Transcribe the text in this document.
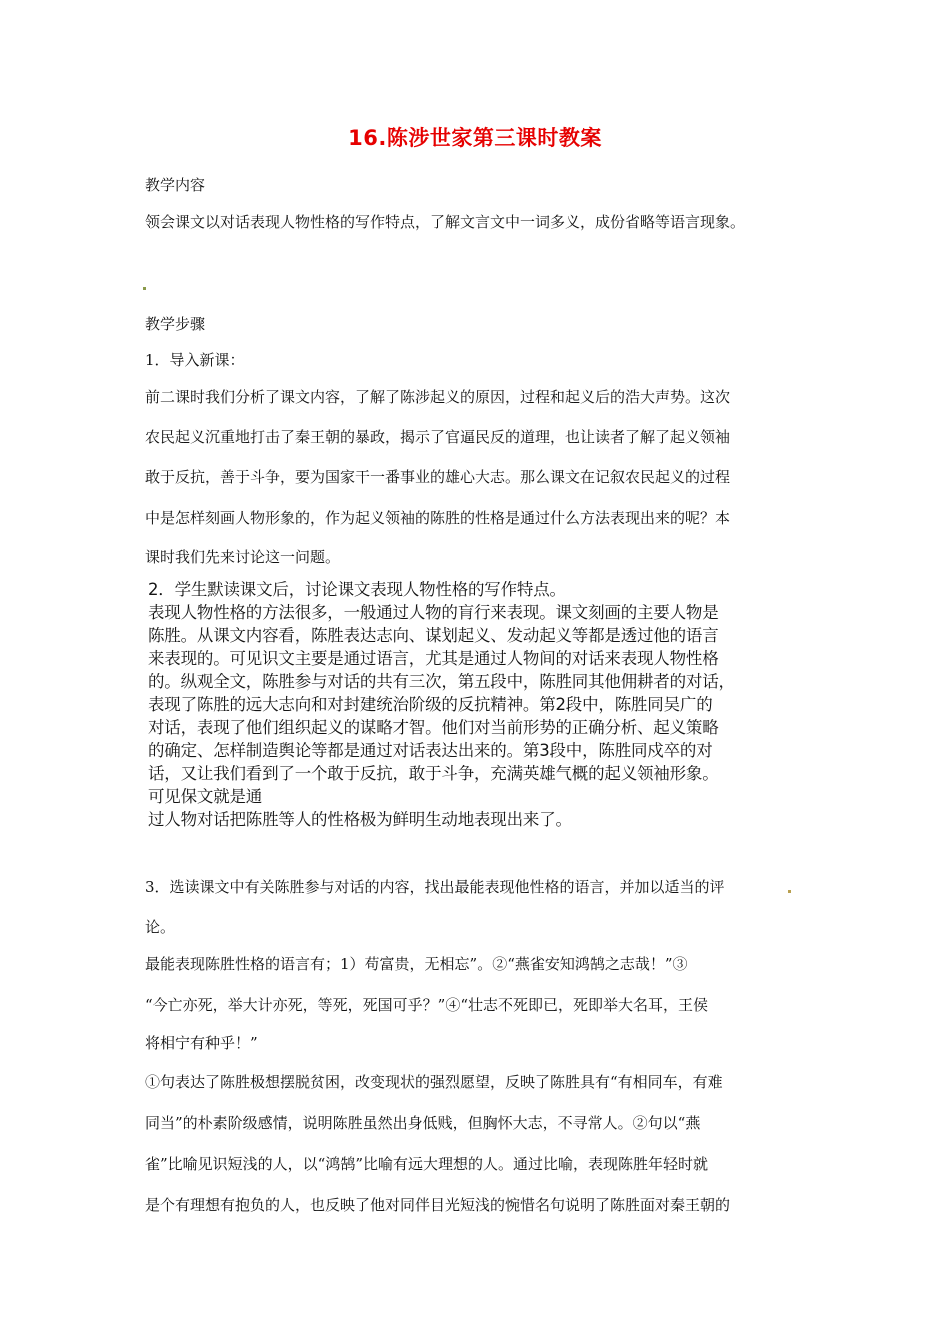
16.陈涉世家第三课时教案
教学内容
领会课文以对话表现人物性格的写作特点，了解文言文中一词多义，成份省略等语言现象。
教学步骤
1．导入新课：
前二课时我们分析了课文内容，了解了陈涉起义的原因，过程和起义后的浩大声势。这次
农民起义沉重地打击了秦王朝的暴政，揭示了官逼民反的道理，也让读者了解了起义领袖
敢于反抗，善于斗争，要为国家干一番事业的雄心大志。那么课文在记叙农民起义的过程
中是怎样刻画人物形象的，作为起义领袖的陈胜的性格是通过什么方法表现出来的呢？本
课时我们先来讨论这一问题。
2．学生默读课文后，讨论课文表现人物性格的写作特点。
表现人物性格的方法很多，一般通过人物的肓行来表现。课文刻画的主要人物是
陈胜。从课文内容看，陈胜表达志向、谋划起义、发动起义等都是透过他的语言
来表现的。可见识文主要是通过语言，尤其是通过人物间的对话来表现人物性格
的。纵观全文，陈胜参与对话的共有三次，第五段中，陈胜同其他佣耕者的对话，
表现了陈胜的远大志向和对封建统治阶级的反抗精神。第2段中，陈胜同吴广的
对话，表现了他们组织起义的谋略才智。他们对当前形势的正确分析、起义策略
的确定、怎样制造舆论等都是通过对话表达出来的。第3段中，陈胜同戍卒的对
话，又让我们看到了一个敢于反抗，敢于斗争，充满英雄气概的起义领袖形象。
可见保文就是通
过人物对话把陈胜等人的性格极为鲜明生动地表现出来了。
3．选读课文中有关陈胜参与对话的内容，找出最能表现他性格的语言，并加以适当的评
论。
最能表现陈胜性格的语言有；1）苟富贵，无相忘”。②“燕雀安知鸿鹄之志哉！”③
“今亡亦死，举大计亦死，等死，死国可乎？”④“壮志不死即已，死即举大名耳，王侯
将相宁有种乎！”
①句表达了陈胜极想摆脱贫困，改变现状的强烈愿望，反映了陈胜具有“有相同车，有难
同当”的朴素阶级感情，说明陈胜虽然出身低贱，但胸怀大志，不寻常人。②句以“燕
雀”比喻见识短浅的人，以“鸿鹄”比喻有远大理想的人。通过比喻，表现陈胜年轻时就
是个有理想有抱负的人，也反映了他对同伴目光短浅的惋惜名句说明了陈胜面对秦王朝的
